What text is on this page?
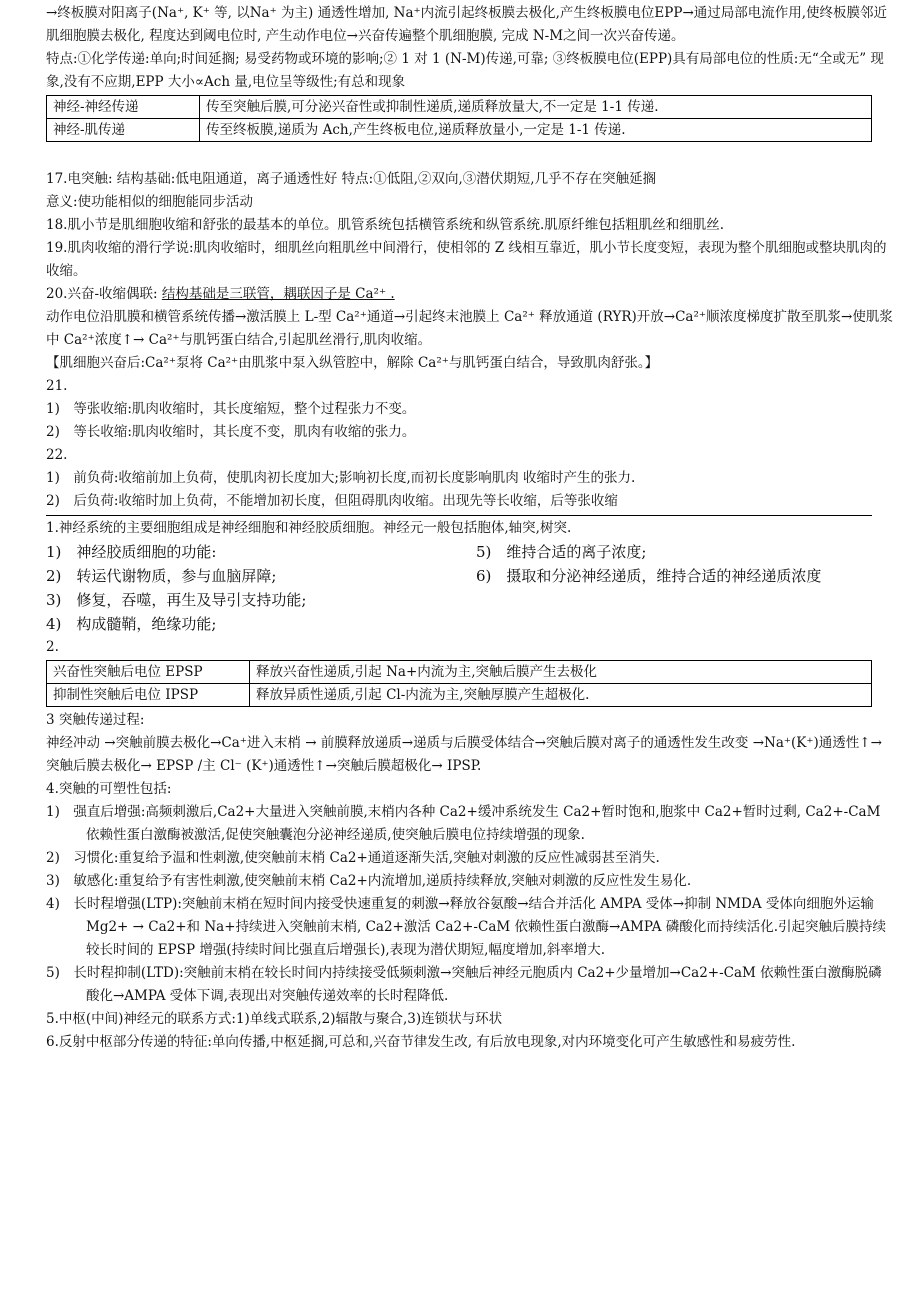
→终板膜对阳离子(Na⁺, K⁺ 等, 以Na⁺ 为主) 通透性增加, Na⁺内流引起终板膜去极化,产生终板膜电位EPP→通过局部电流作用,使终板膜邻近肌细胞膜去极化, 程度达到阈电位时, 产生动作电位→兴奋传遍整个肌细胞膜, 完成 N-M之间一次兴奋传递。

特点:①化学传递:单向;时间延搁; 易受药物或环境的影响;② 1 对 1 (N-M)传递,可靠; ③终板膜电位(EPP)具有局部电位的性质:无“全或无” 现象,没有不应期,EPP 大小∝Ach 量,电位呈等级性;有总和现象

神经-神经传递	传至突触后膜,可分泌兴奋性或抑制性递质,递质释放量大,不一定是 1-1 传递.
神经-肌传递	传至终板膜,递质为 Ach,产生终板电位,递质释放量小,一定是 1-1 传递.

17.电突触: 结构基础:低电阻通道，离子通透性好 特点:①低阻,②双向,③潜伏期短,几乎不存在突触延搁

意义:使功能相似的细胞能同步活动

18.肌小节是肌细胞收缩和舒张的最基本的单位。肌管系统包括横管系统和纵管系统.肌原纤维包括粗肌丝和细肌丝.

19.肌肉收缩的滑行学说:肌肉收缩时，细肌丝向粗肌丝中间滑行，使相邻的 Z 线相互靠近，肌小节长度变短，表现为整个肌细胞或整块肌肉的收缩。

20.兴奋-收缩偶联: 结构基础是三联管，耦联因子是 Ca²⁺ .

动作电位沿肌膜和横管系统传播→激活膜上 L-型 Ca²⁺通道→引起终末池膜上 Ca²⁺ 释放通道 (RYR)开放→Ca²⁺顺浓度梯度扩散至肌浆→使肌浆中 Ca²⁺浓度↑→ Ca²⁺与肌钙蛋白结合,引起肌丝滑行,肌肉收缩。

【肌细胞兴奋后:Ca²⁺泵将 Ca²⁺由肌浆中泵入纵管腔中，解除 Ca²⁺与肌钙蛋白结合，导致肌肉舒张。】

21.

1)　等张收缩:肌肉收缩时，其长度缩短，整个过程张力不变。

2)　等长收缩:肌肉收缩时，其长度不变，肌肉有收缩的张力。

22.

1)　前负荷:收缩前加上负荷，使肌肉初长度加大;影响初长度,而初长度影响肌肉 收缩时产生的张力.

2)　后负荷:收缩时加上负荷，不能增加初长度，但阻碍肌肉收缩。出现先等长收缩，后等张收缩

1.神经系统的主要细胞组成是神经细胞和神经胶质细胞。神经元一般包括胞体,轴突,树突.

1)　神经胶质细胞的功能:

2)　转运代谢物质，参与血脑屏障;

3)　修复，吞噬，再生及导引支持功能;

4)　构成髓鞘，绝缘功能;

5)　维持合适的离子浓度;

6)　摄取和分泌神经递质，维持合适的神经递质浓度

2.

兴奋性突触后电位 EPSP	释放兴奋性递质,引起 Na+内流为主,突触后膜产生去极化
抑制性突触后电位 IPSP	释放异质性递质,引起 Cl-内流为主,突触厚膜产生超极化.

3 突触传递过程:

神经冲动 →突触前膜去极化→Ca⁺进入末梢 → 前膜释放递质→递质与后膜受体结合→突触后膜对离子的通透性发生改变 →Na⁺(K⁺)通透性↑→突触后膜去极化→ EPSP /主 Cl⁻ (K⁺)通透性↑→突触后膜超极化→ IPSP.

4.突触的可塑性包括:

1)　强直后增强:高频刺激后,Ca2+大量进入突触前膜,末梢内各种 Ca2+缓冲系统发生 Ca2+暂时饱和,胞浆中 Ca2+暂时过剩, Ca2+-CaM 依赖性蛋白激酶被激活,促使突触囊泡分泌神经递质,使突触后膜电位持续增强的现象.

2)　习惯化:重复给予温和性刺激,使突触前末梢 Ca2+通道逐渐失活,突触对刺激的反应性减弱甚至消失.

3)　敏感化:重复给予有害性刺激,使突触前末梢 Ca2+内流增加,递质持续释放,突触对刺激的反应性发生易化.

4)　长时程增强(LTP):突触前末梢在短时间内接受快速重复的刺激→释放谷氨酸→结合并活化 AMPA 受体→抑制 NMDA 受体向细胞外运输 Mg2+ → Ca2+和 Na+持续进入突触前末梢, Ca2+激活 Ca2+-CaM 依赖性蛋白激酶→AMPA 磷酸化而持续活化.引起突触后膜持续较长时间的 EPSP 增强(持续时间比强直后增强长),表现为潜伏期短,幅度增加,斜率增大.

5)　长时程抑制(LTD):突触前末梢在较长时间内持续接受低频刺激→突触后神经元胞质内 Ca2+少量增加→Ca2+-CaM 依赖性蛋白激酶脱磷酸化→AMPA 受体下调,表现出对突触传递效率的长时程降低.

5.中枢(中间)神经元的联系方式:1)单线式联系,2)辐散与聚合,3)连锁状与环状

6.反射中枢部分传递的特征:单向传播,中枢延搁,可总和,兴奋节律发生改, 有后放电现象,对内环境变化可产生敏感性和易疲劳性.
